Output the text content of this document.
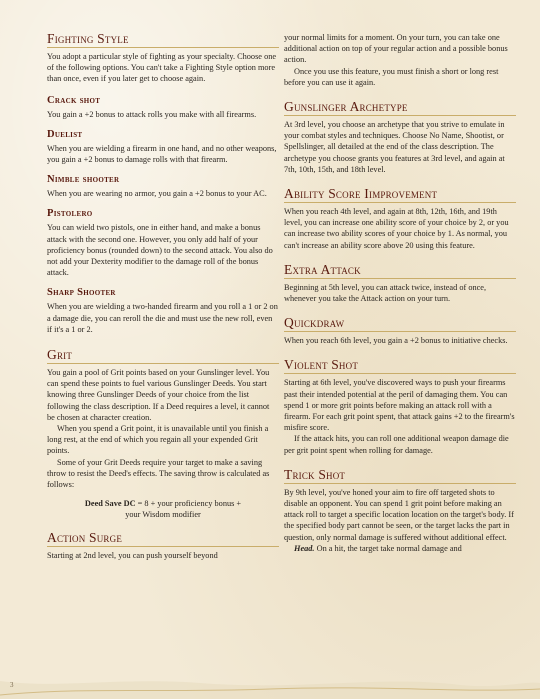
Fighting Style

You adopt a particular style of fighting as your specialty. Choose one of the following options. You can't take a Fighting Style option more than once, even if you later get to choose again.

Crack shot

You gain a +2 bonus to attack rolls you make with all firearms.

Duelist

When you are wielding a firearm in one hand, and no other weapons, you gain a +2 bonus to damage rolls with that firearm.

Nimble shooter

When you are wearing no armor, you gain a +2 bonus to your AC.

Pistolero

You can wield two pistols, one in either hand, and make a bonus attack with the second one. However, you only add half of your proficiency bonus (rounded down) to the second attack. You also do not add your Dexterity modifier to the damage roll of the bonus attack.

Sharp Shooter

When you are wielding a two-handed firearm and you roll a 1 or 2 on a damage die, you can reroll the die and must use the new roll, even if it's a 1 or 2.

Grit

You gain a pool of Grit points based on your Gunslinger level. You can spend these points to fuel various Gunslinger Deeds. You start knowing three Gunslinger Deeds of your choice from the list following the class description. If a Deed requires a level, it cannot be chosen at character creation.

When you spend a Grit point, it is unavailable until you finish a long rest, at the end of which you regain all your expended Grit points.

Some of your Grit Deeds require your target to make a saving throw to resist the Deed's effects. The saving throw is calculated as follows:

Deed Save DC = 8 + your proficiency bonus +
your Wisdom modifier
Action Surge

Starting at 2nd level, you can push yourself beyond

your normal limits for a moment. On your turn, you can take one additional action on top of your regular action and a possible bonus action.

Once you use this feature, you must finish a short or long rest before you can use it again.

Gunslinger Archetype

At 3rd level, you choose an archetype that you strive to emulate in your combat styles and techniques. Choose No Name, Shootist, or Spellslinger, all detailed at the end of the class description. The archetype you choose grants you features at 3rd level, and again at 7th, 10th, 15th, and 18th level.

Ability Score Iimprovement

When you reach 4th level, and again at 8th, 12th, 16th, and 19th level, you can increase one ability score of your choice by 2, or you can increase two ability scores of your choice by 1. As normal, you can't increase an ability score above 20 using this feature.

Extra Attack

Beginning at 5th level, you can attack twice, instead of once, whenever you take the Attack action on your turn.

Quickdraw

When you reach 6th level, you gain a +2 bonus to initiative checks.

Violent Shot

Starting at 6th level, you've discovered ways to push your firearms past their intended potential at the peril of damaging them. You can spend 1 or more grit points before making an attack roll with a firearm. For each grit point spent, that attack gains +2 to the firearm's misfire score.

If the attack hits, you can roll one additional weapon damage die per grit point spent when rolling for damage.

Trick Shot

By 9th level, you've honed your aim to fire off targeted shots to disable an opponent. You can spend 1 grit point before making an attack roll to target a specific location location on the target's body. If the specified body part cannot be seen, or the target lacks the part in question, only normal damage is suffered without additional effect.

Head. On a hit, the target take normal damage and

3
